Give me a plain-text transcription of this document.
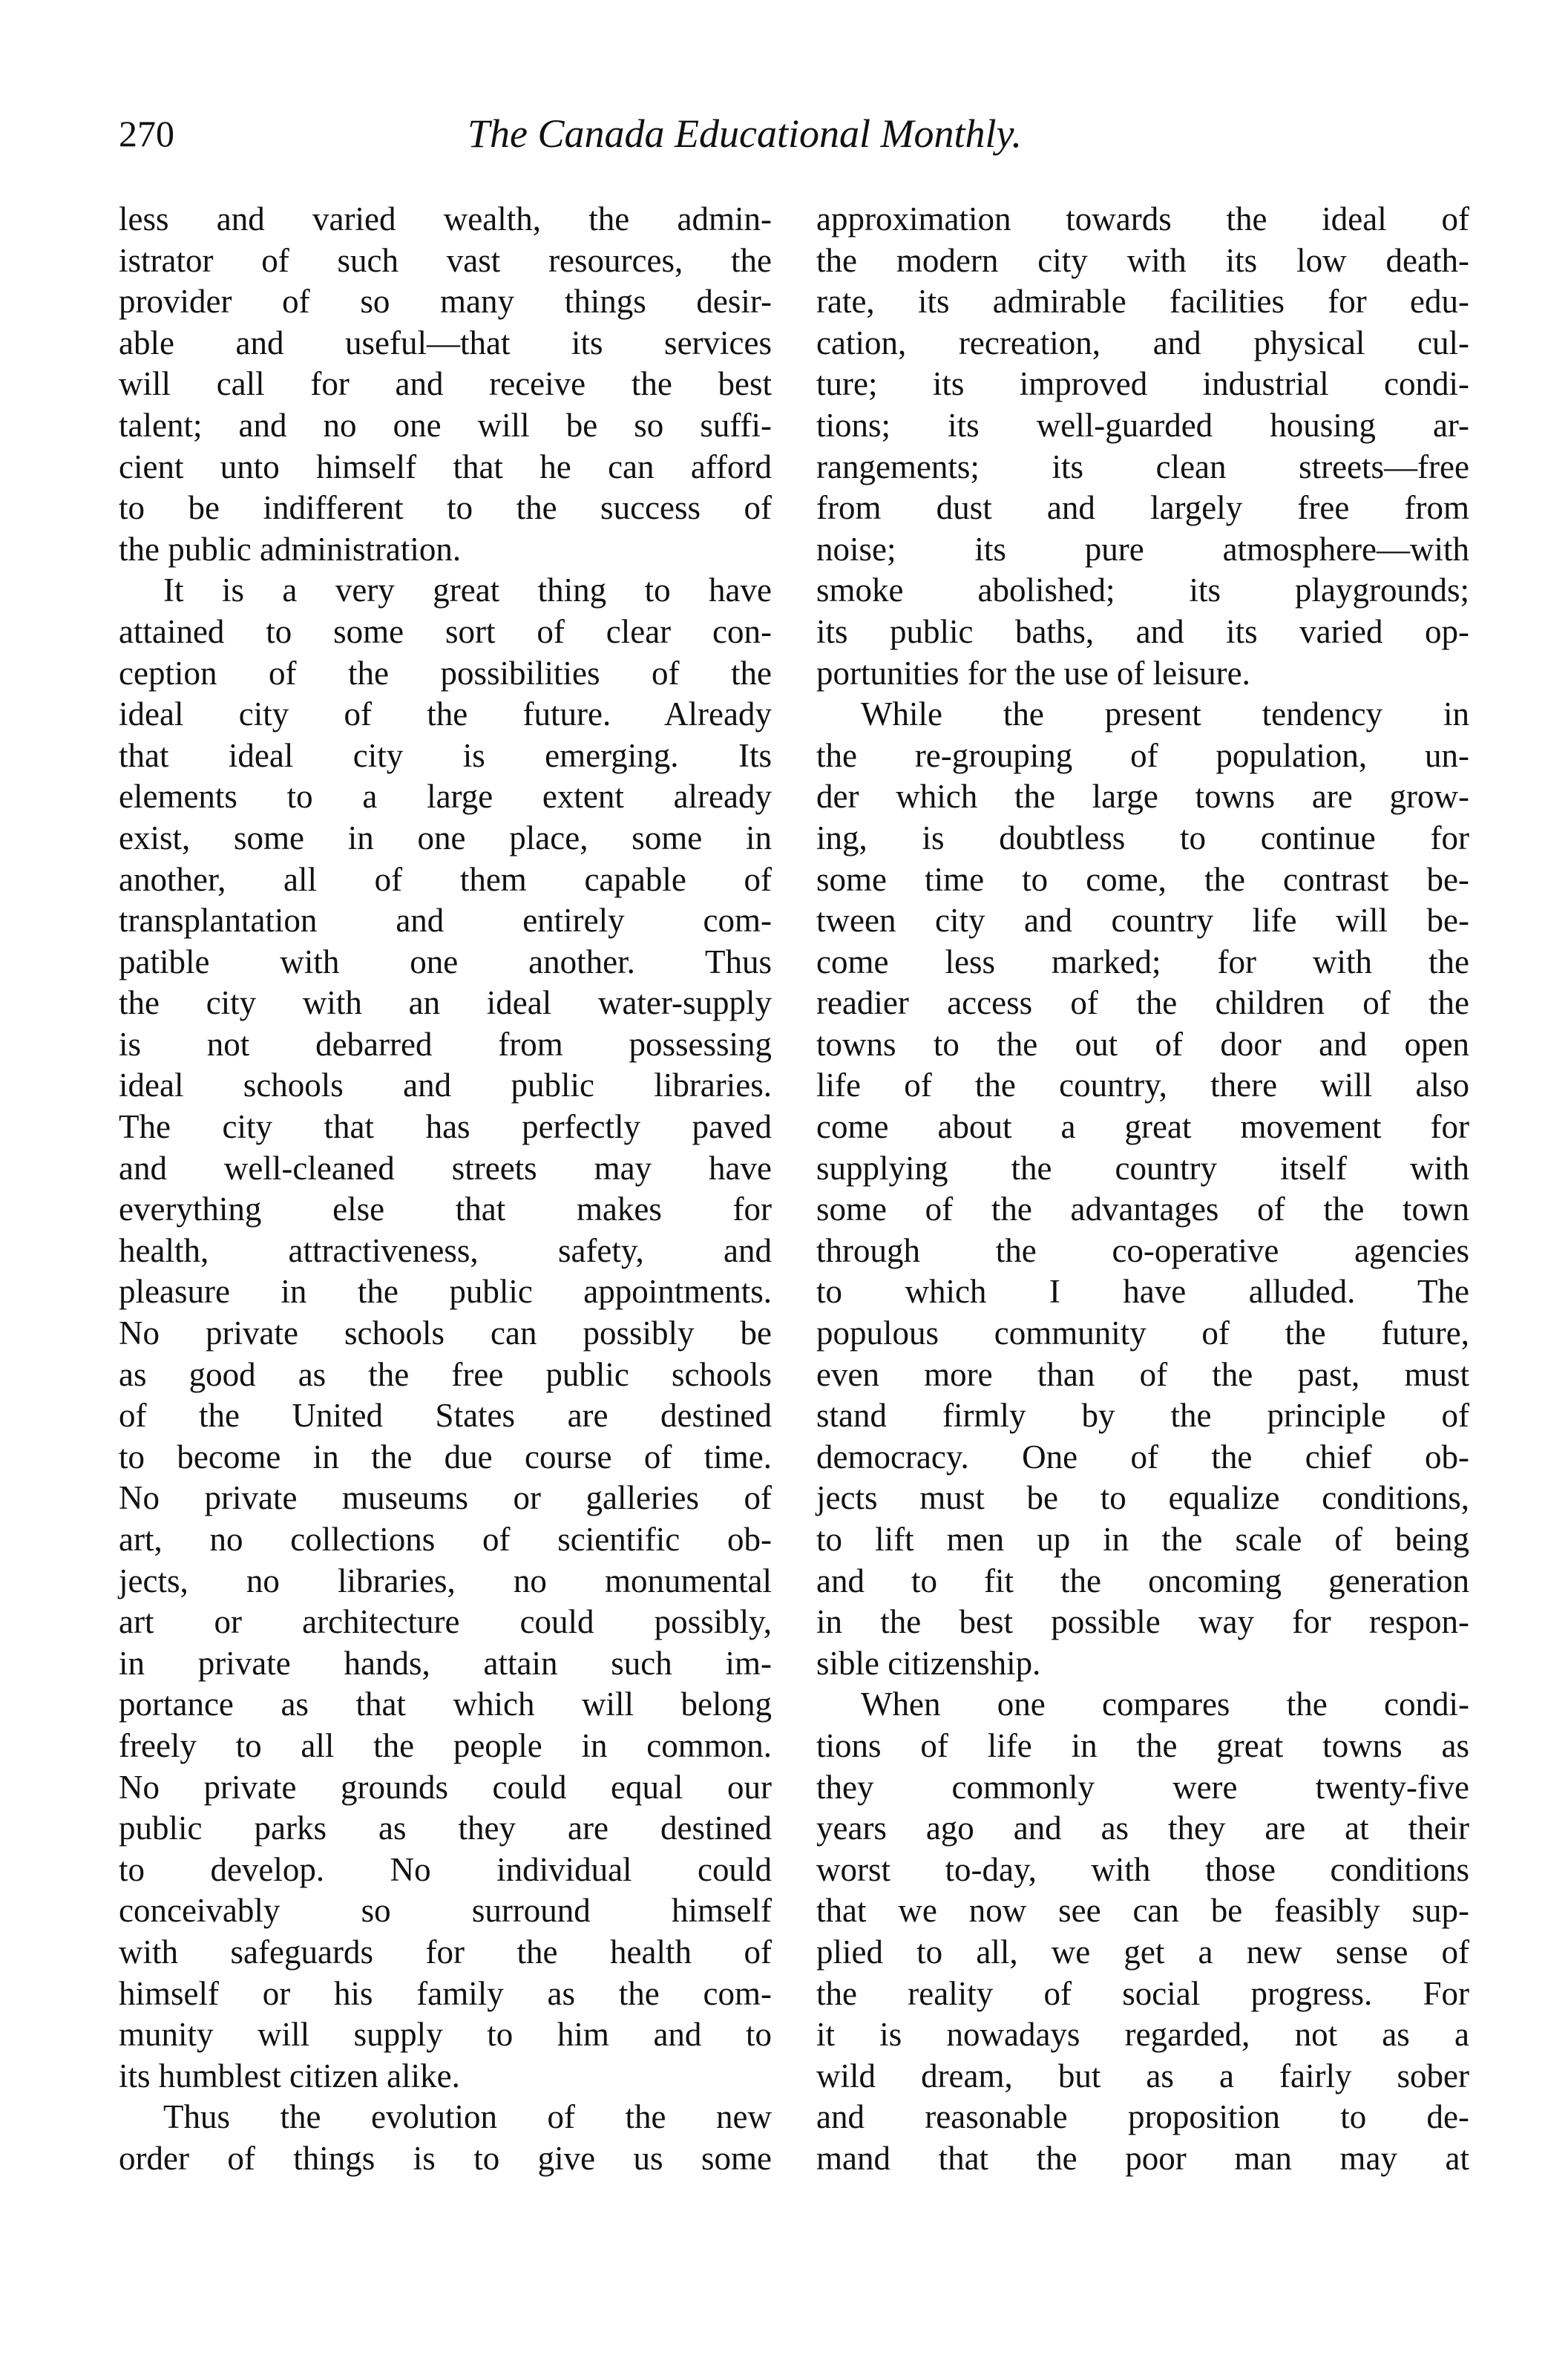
270	The Canada Educational Monthly.
less and varied wealth, the admin-
istrator of such vast resources, the
provider of so many things desir-
able and useful—that its services
will call for and receive the best
talent; and no one will be so suffi-
cient unto himself that he can afford
to be indifferent to the success of
the public administration.
It is a very great thing to have
attained to some sort of clear con-
ception of the possibilities of the
ideal city of the future. Already
that ideal city is emerging. Its
elements to a large extent already
exist, some in one place, some in
another, all of them capable of
transplantation and entirely com-
patible with one another. Thus
the city with an ideal water-supply
is not debarred from possessing
ideal schools and public libraries.
The city that has perfectly paved
and well-cleaned streets may have
everything else that makes for
health, attractiveness, safety, and
pleasure in the public appointments.
No private schools can possibly be
as good as the free public schools
of the United States are destined
to become in the due course of time.
No private museums or galleries of
art, no collections of scientific ob-
jects, no libraries, no monumental
art or architecture could possibly,
in private hands, attain such im-
portance as that which will belong
freely to all the people in common.
No private grounds could equal our
public parks as they are destined
to develop. No individual could
conceivably so surround himself
with safeguards for the health of
himself or his family as the com-
munity will supply to him and to
its humblest citizen alike.
Thus the evolution of the new
order of things is to give us some
approximation towards the ideal of
the modern city with its low death-
rate, its admirable facilities for edu-
cation, recreation, and physical cul-
ture; its improved industrial condi-
tions; its well-guarded housing ar-
rangements; its clean streets—free
from dust and largely free from
noise; its pure atmosphere—with
smoke abolished; its playgrounds;
its public baths, and its varied op-
portunities for the use of leisure.
While the present tendency in
the re-grouping of population, un-
der which the large towns are grow-
ing, is doubtless to continue for
some time to come, the contrast be-
tween city and country life will be-
come less marked; for with the
readier access of the children of the
towns to the out of door and open
life of the country, there will also
come about a great movement for
supplying the country itself with
some of the advantages of the town
through the co-operative agencies
to which I have alluded. The
populous community of the future,
even more than of the past, must
stand firmly by the principle of
democracy. One of the chief ob-
jects must be to equalize conditions,
to lift men up in the scale of being
and to fit the oncoming generation
in the best possible way for respon-
sible citizenship.
When one compares the condi-
tions of life in the great towns as
they commonly were twenty-five
years ago and as they are at their
worst to-day, with those conditions
that we now see can be feasibly sup-
plied to all, we get a new sense of
the reality of social progress. For
it is nowadays regarded, not as a
wild dream, but as a fairly sober
and reasonable proposition to de-
mand that the poor man may at
